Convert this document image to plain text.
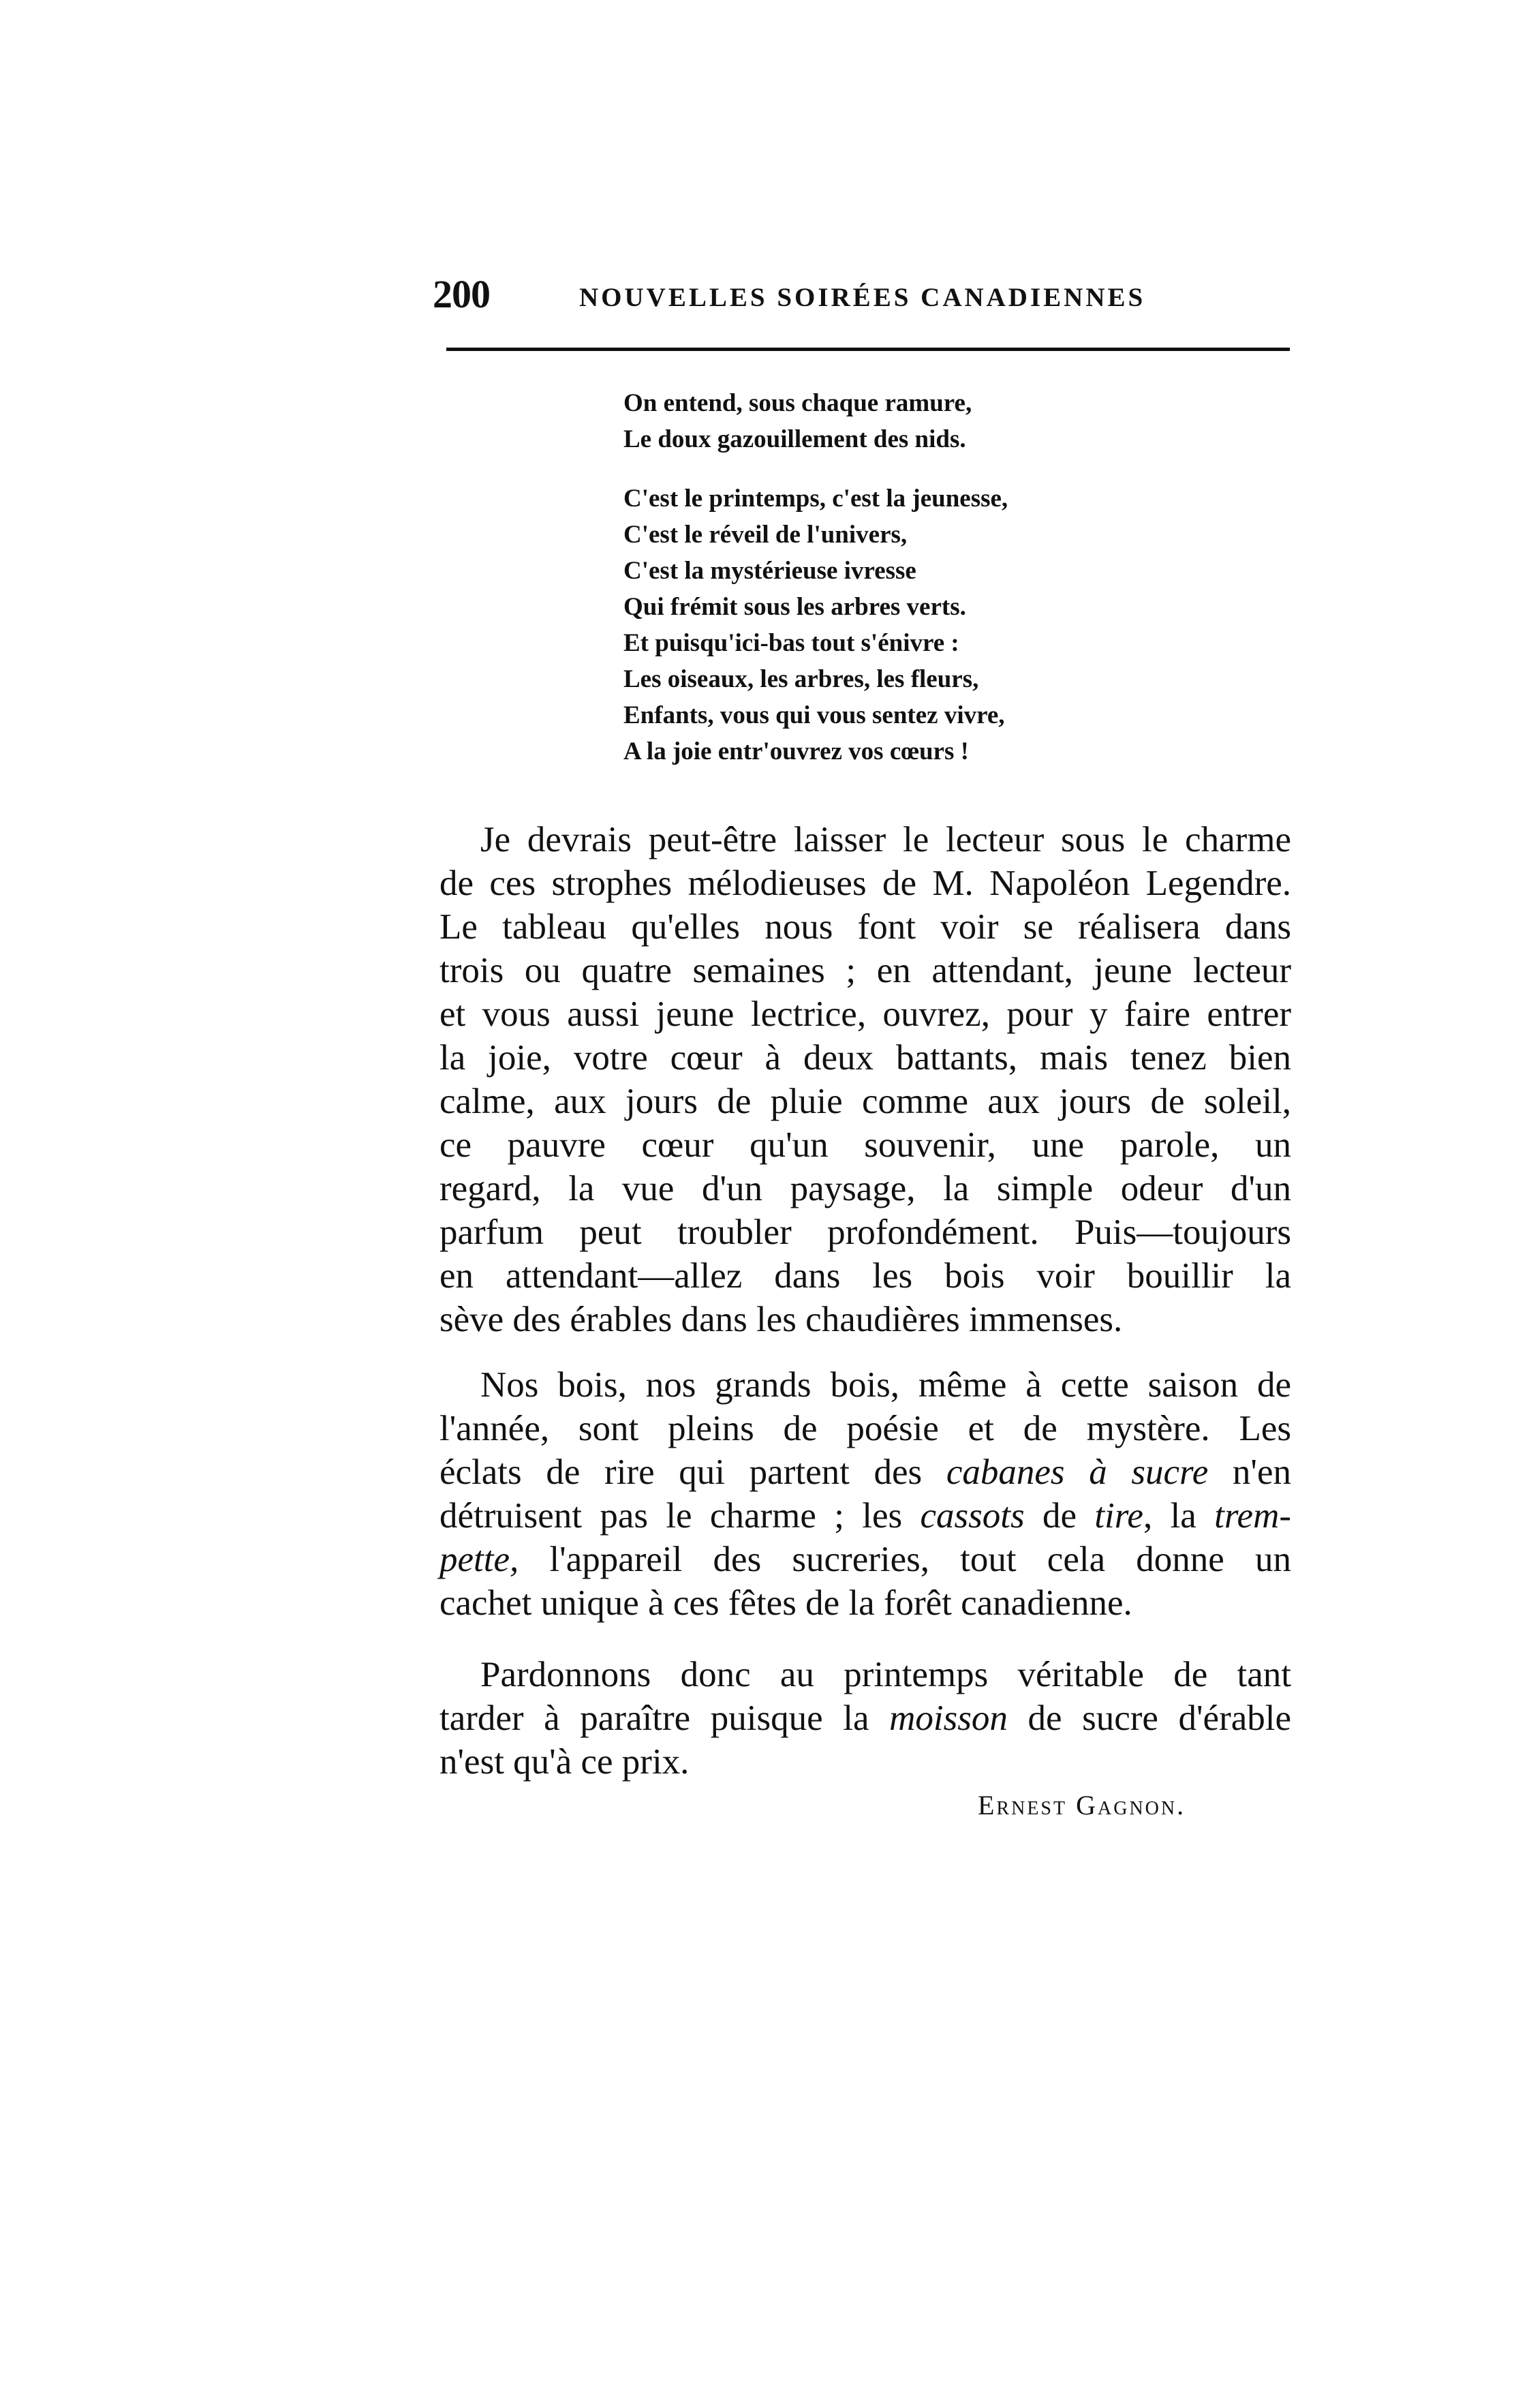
200	NOUVELLES SOIRÉES CANADIENNES
On entend, sous chaque ramure,
Le doux gazouillement des nids.
C'est le printemps, c'est la jeunesse,
C'est le réveil de l'univers,
C'est la mystérieuse ivresse
Qui frémit sous les arbres verts.
Et puisqu'ici-bas tout s'énivre :
Les oiseaux, les arbres, les fleurs,
Enfants, vous qui vous sentez vivre,
A la joie entr'ouvrez vos cœurs !
Je devrais peut-être laisser le lecteur sous le charme
de ces strophes mélodieuses de M. Napoléon Legendre.
Le tableau qu'elles nous font voir se réalisera dans
trois ou quatre semaines ; en attendant, jeune lecteur
et vous aussi jeune lectrice, ouvrez, pour y faire entrer
la joie, votre cœur à deux battants, mais tenez bien
calme, aux jours de pluie comme aux jours de soleil,
ce pauvre cœur qu'un souvenir, une parole, un
regard, la vue d'un paysage, la simple odeur d'un
parfum peut troubler profondément. Puis—toujours
en attendant—allez dans les bois voir bouillir la
sève des érables dans les chaudières immenses.
Nos bois, nos grands bois, même à cette saison de
l'année, sont pleins de poésie et de mystère. Les
éclats de rire qui partent des cabanes à sucre n'en
détruisent pas le charme ; les cassots de tire, la trem-
pette, l'appareil des sucreries, tout cela donne un
cachet unique à ces fêtes de la forêt canadienne.
Pardonnons donc au printemps véritable de tant
tarder à paraître puisque la moisson de sucre d'érable
n'est qu'à ce prix.
Ernest Gagnon.
